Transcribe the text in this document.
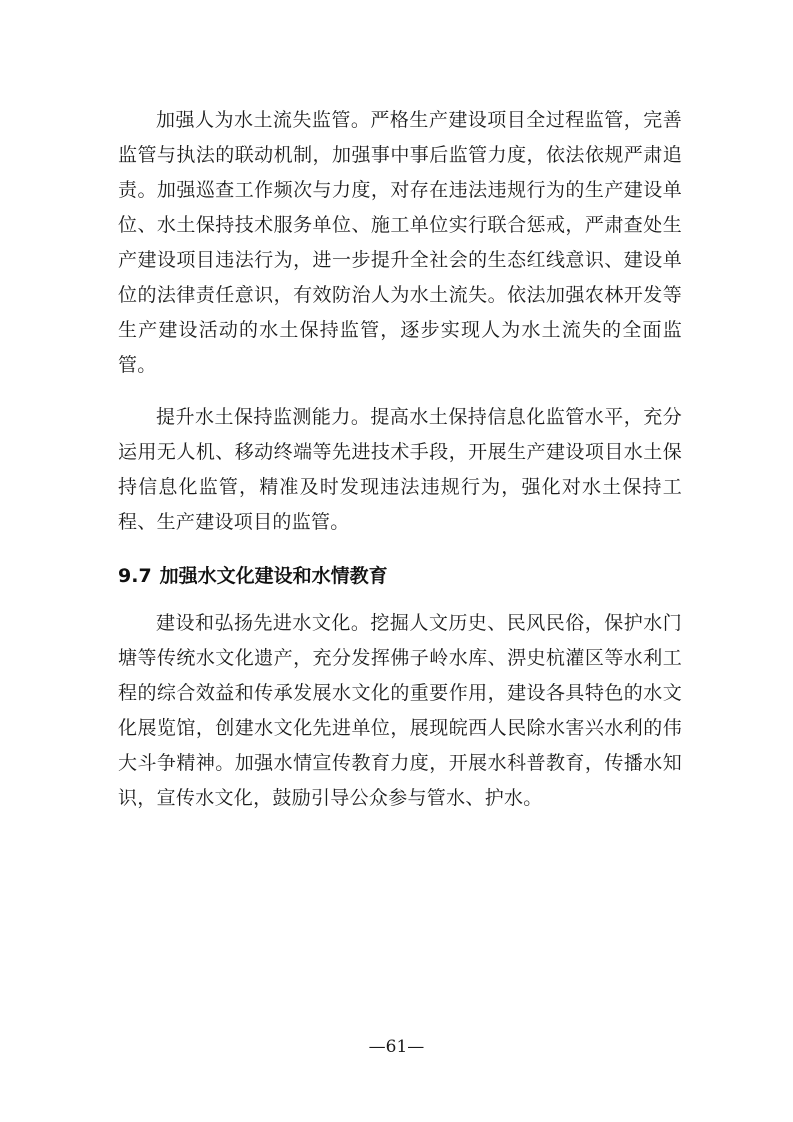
加强人为水土流失监管。严格生产建设项目全过程监管，完善监管与执法的联动机制，加强事中事后监管力度，依法依规严肃追责。加强巡查工作频次与力度，对存在违法违规行为的生产建设单位、水土保持技术服务单位、施工单位实行联合惩戒，严肃查处生产建设项目违法行为，进一步提升全社会的生态红线意识、建设单位的法律责任意识，有效防治人为水土流失。依法加强农林开发等生产建设活动的水土保持监管，逐步实现人为水土流失的全面监管。

提升水土保持监测能力。提高水土保持信息化监管水平，充分运用无人机、移动终端等先进技术手段，开展生产建设项目水土保持信息化监管，精准及时发现违法违规行为，强化对水土保持工程、生产建设项目的监管。

9.7 加强水文化建设和水情教育

建设和弘扬先进水文化。挖掘人文历史、民风民俗，保护水门塘等传统水文化遗产，充分发挥佛子岭水库、淠史杭灌区等水利工程的综合效益和传承发展水文化的重要作用，建设各具特色的水文化展览馆，创建水文化先进单位，展现皖西人民除水害兴水利的伟大斗争精神。加强水情宣传教育力度，开展水科普教育，传播水知识，宣传水文化，鼓励引导公众参与管水、护水。

—61—
